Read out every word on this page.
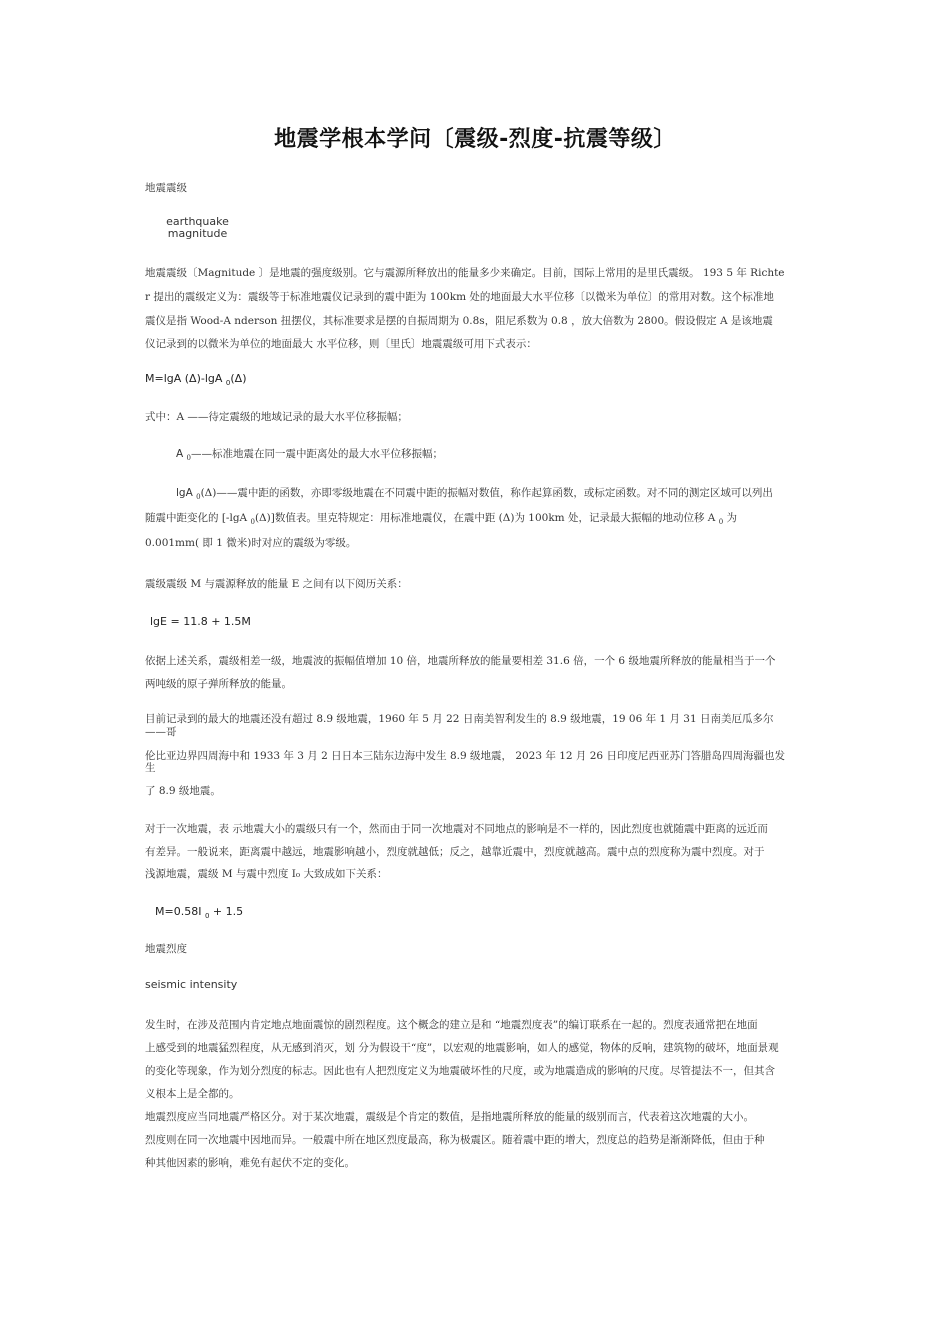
地震学根本学问〔震级-烈度-抗震等级〕
地震震级
earthquake
magnitude
地震震级〔Magnitude 〕是地震的强度级别。它与震源所释放出的能量多少来确定。目前，国际上常用的是里氏震级。 193 5 年 Richte
r 提出的震级定义为：震级等于标准地震仪记录到的震中距为 100km 处的地面最大水平位移〔以微米为单位〕的常用对数。这个标准地
震仪是指 Wood-A nderson 扭摆仪，其标准要求是摆的自振周期为 0.8s，阻尼系数为 0.8 ，放大倍数为 2800。假设假定 A 是该地震
仪记录到的以微米为单位的地面最大 水平位移，则〔里氏〕地震震级可用下式表示：
M=lgA (Δ)-lgA $_0$(Δ)
式中：A ——待定震级的地域记录的最大水平位移振幅；
A $_0$——标准地震在同一震中距离处的最大水平位移振幅；
lgA $_0$(Δ)——震中距的函数，亦即零级地震在不同震中距的振幅对数值，称作起算函数，或标定函数。对不同的测定区域可以列出
随震中距变化的 [-lgA $_0$(Δ)]数值表。里克特规定：用标准地震仪，在震中距 (Δ)为 100km 处，记录最大振幅的地动位移 A $_0$ 为
0.001mm( 即 1 微米)时对应的震级为零级。
震级震级 M 与震源释放的能量 E 之间有以下阅历关系：
lgE = 11.8 + 1.5M
依据上述关系，震级相差一级，地震波的振幅值增加 10 倍，地震所释放的能量要相差 31.6 倍，一个 6 级地震所释放的能量相当于一个
两吨级的原子弹所释放的能量。
目前记录到的最大的地震还没有超过 8.9 级地震，1960 年 5 月 22 日南美智利发生的 8.9 级地震，19 06 年 1 月 31 日南美厄瓜多尔
——哥
伦比亚边界四周海中和 1933 年 3 月 2 日日本三陆东边海中发生 8.9 级地震， 2023 年 12 月 26 日印度尼西亚苏门答腊岛四周海疆也发
生
了 8.9 级地震。
对于一次地震，表 示地震大小的震级只有一个，然而由于同一次地震对不同地点的影响是不一样的，因此烈度也就随震中距离的远近而
有差异。一般说来，距离震中越远，地震影响越小，烈度就越低；反之，越靠近震中，烈度就越高。震中点的烈度称为震中烈度。对于
浅源地震，震级 M 与震中烈度 I₀ 大致成如下关系：
M=0.58I $_0$ + 1.5
地震烈度
seismic intensity
发生时，在涉及范围内肯定地点地面震惊的剧烈程度。这个概念的建立是和 “地震烈度表”的编订联系在一起的。烈度表通常把在地面
上感受到的地震猛烈程度，从无感到消灭，划 分为假设干“度”，以宏观的地震影响，如人的感觉，物体的反响，建筑物的破坏，地面景观
的变化等现象，作为划分烈度的标志。因此也有人把烈度定义为地震破坏性的尺度，或为地震造成的影响的尺度。尽管提法不一，但其含
义根本上是全都的。
地震烈度应当同地震严格区分。对于某次地震，震级是个肯定的数值，是指地震所释放的能量的级别而言，代表着这次地震的大小。
烈度则在同一次地震中因地而异。一般震中所在地区烈度最高，称为极震区。随着震中距的增大，烈度总的趋势是渐渐降低，但由于种
种其他因素的影响，难免有起伏不定的变化。
